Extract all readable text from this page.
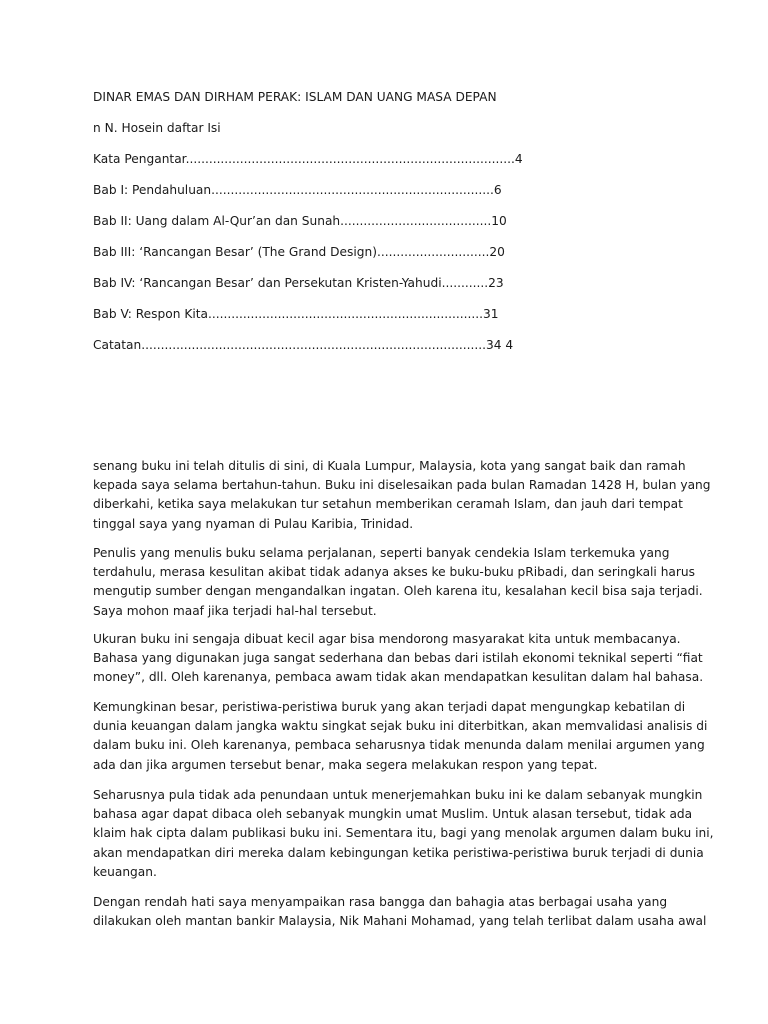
DINAR EMAS DAN DIRHAM PERAK: ISLAM DAN UANG MASA DEPAN
n N. Hosein daftar Isi
Kata Pengantar.....................................................................................4
Bab I: Pendahuluan.........................................................................6
Bab II: Uang dalam Al-Qur’an dan Sunah.......................................10
Bab III: ‘Rancangan Besar’ (The Grand Design).............................20
Bab IV: ‘Rancangan Besar’ dan Persekutan Kristen-Yahudi............23
Bab V: Respon Kita.......................................................................31
Catatan.........................................................................................34 4
senang buku ini telah ditulis di sini, di Kuala Lumpur, Malaysia, kota yang sangat baik dan ramah
kepada saya selama bertahun-tahun. Buku ini diselesaikan pada bulan Ramadan 1428 H, bulan yang
diberkahi, ketika saya melakukan tur setahun memberikan ceramah Islam, dan jauh dari tempat
tinggal saya yang nyaman di Pulau Karibia, Trinidad.
Penulis yang menulis buku selama perjalanan, seperti banyak cendekia Islam terkemuka yang
terdahulu, merasa kesulitan akibat tidak adanya akses ke buku-buku pRibadi, dan seringkali harus
mengutip sumber dengan mengandalkan ingatan. Oleh karena itu, kesalahan kecil bisa saja terjadi.
Saya mohon maaf jika terjadi hal-hal tersebut.
Ukuran buku ini sengaja dibuat kecil agar bisa mendorong masyarakat kita untuk membacanya.
Bahasa yang digunakan juga sangat sederhana dan bebas dari istilah ekonomi teknikal seperti “fiat
money”, dll. Oleh karenanya, pembaca awam tidak akan mendapatkan kesulitan dalam hal bahasa.
Kemungkinan besar, peristiwa-peristiwa buruk yang akan terjadi dapat mengungkap kebatilan di
dunia keuangan dalam jangka waktu singkat sejak buku ini diterbitkan, akan memvalidasi analisis di
dalam buku ini. Oleh karenanya, pembaca seharusnya tidak menunda dalam menilai argumen yang
ada dan jika argumen tersebut benar, maka segera melakukan respon yang tepat.
Seharusnya pula tidak ada penundaan untuk menerjemahkan buku ini ke dalam sebanyak mungkin
bahasa agar dapat dibaca oleh sebanyak mungkin umat Muslim. Untuk alasan tersebut, tidak ada
klaim hak cipta dalam publikasi buku ini. Sementara itu, bagi yang menolak argumen dalam buku ini,
akan mendapatkan diri mereka dalam kebingungan ketika peristiwa-peristiwa buruk terjadi di dunia
keuangan.
Dengan rendah hati saya menyampaikan rasa bangga dan bahagia atas berbagai usaha yang
dilakukan oleh mantan bankir Malaysia, Nik Mahani Mohamad, yang telah terlibat dalam usaha awal
